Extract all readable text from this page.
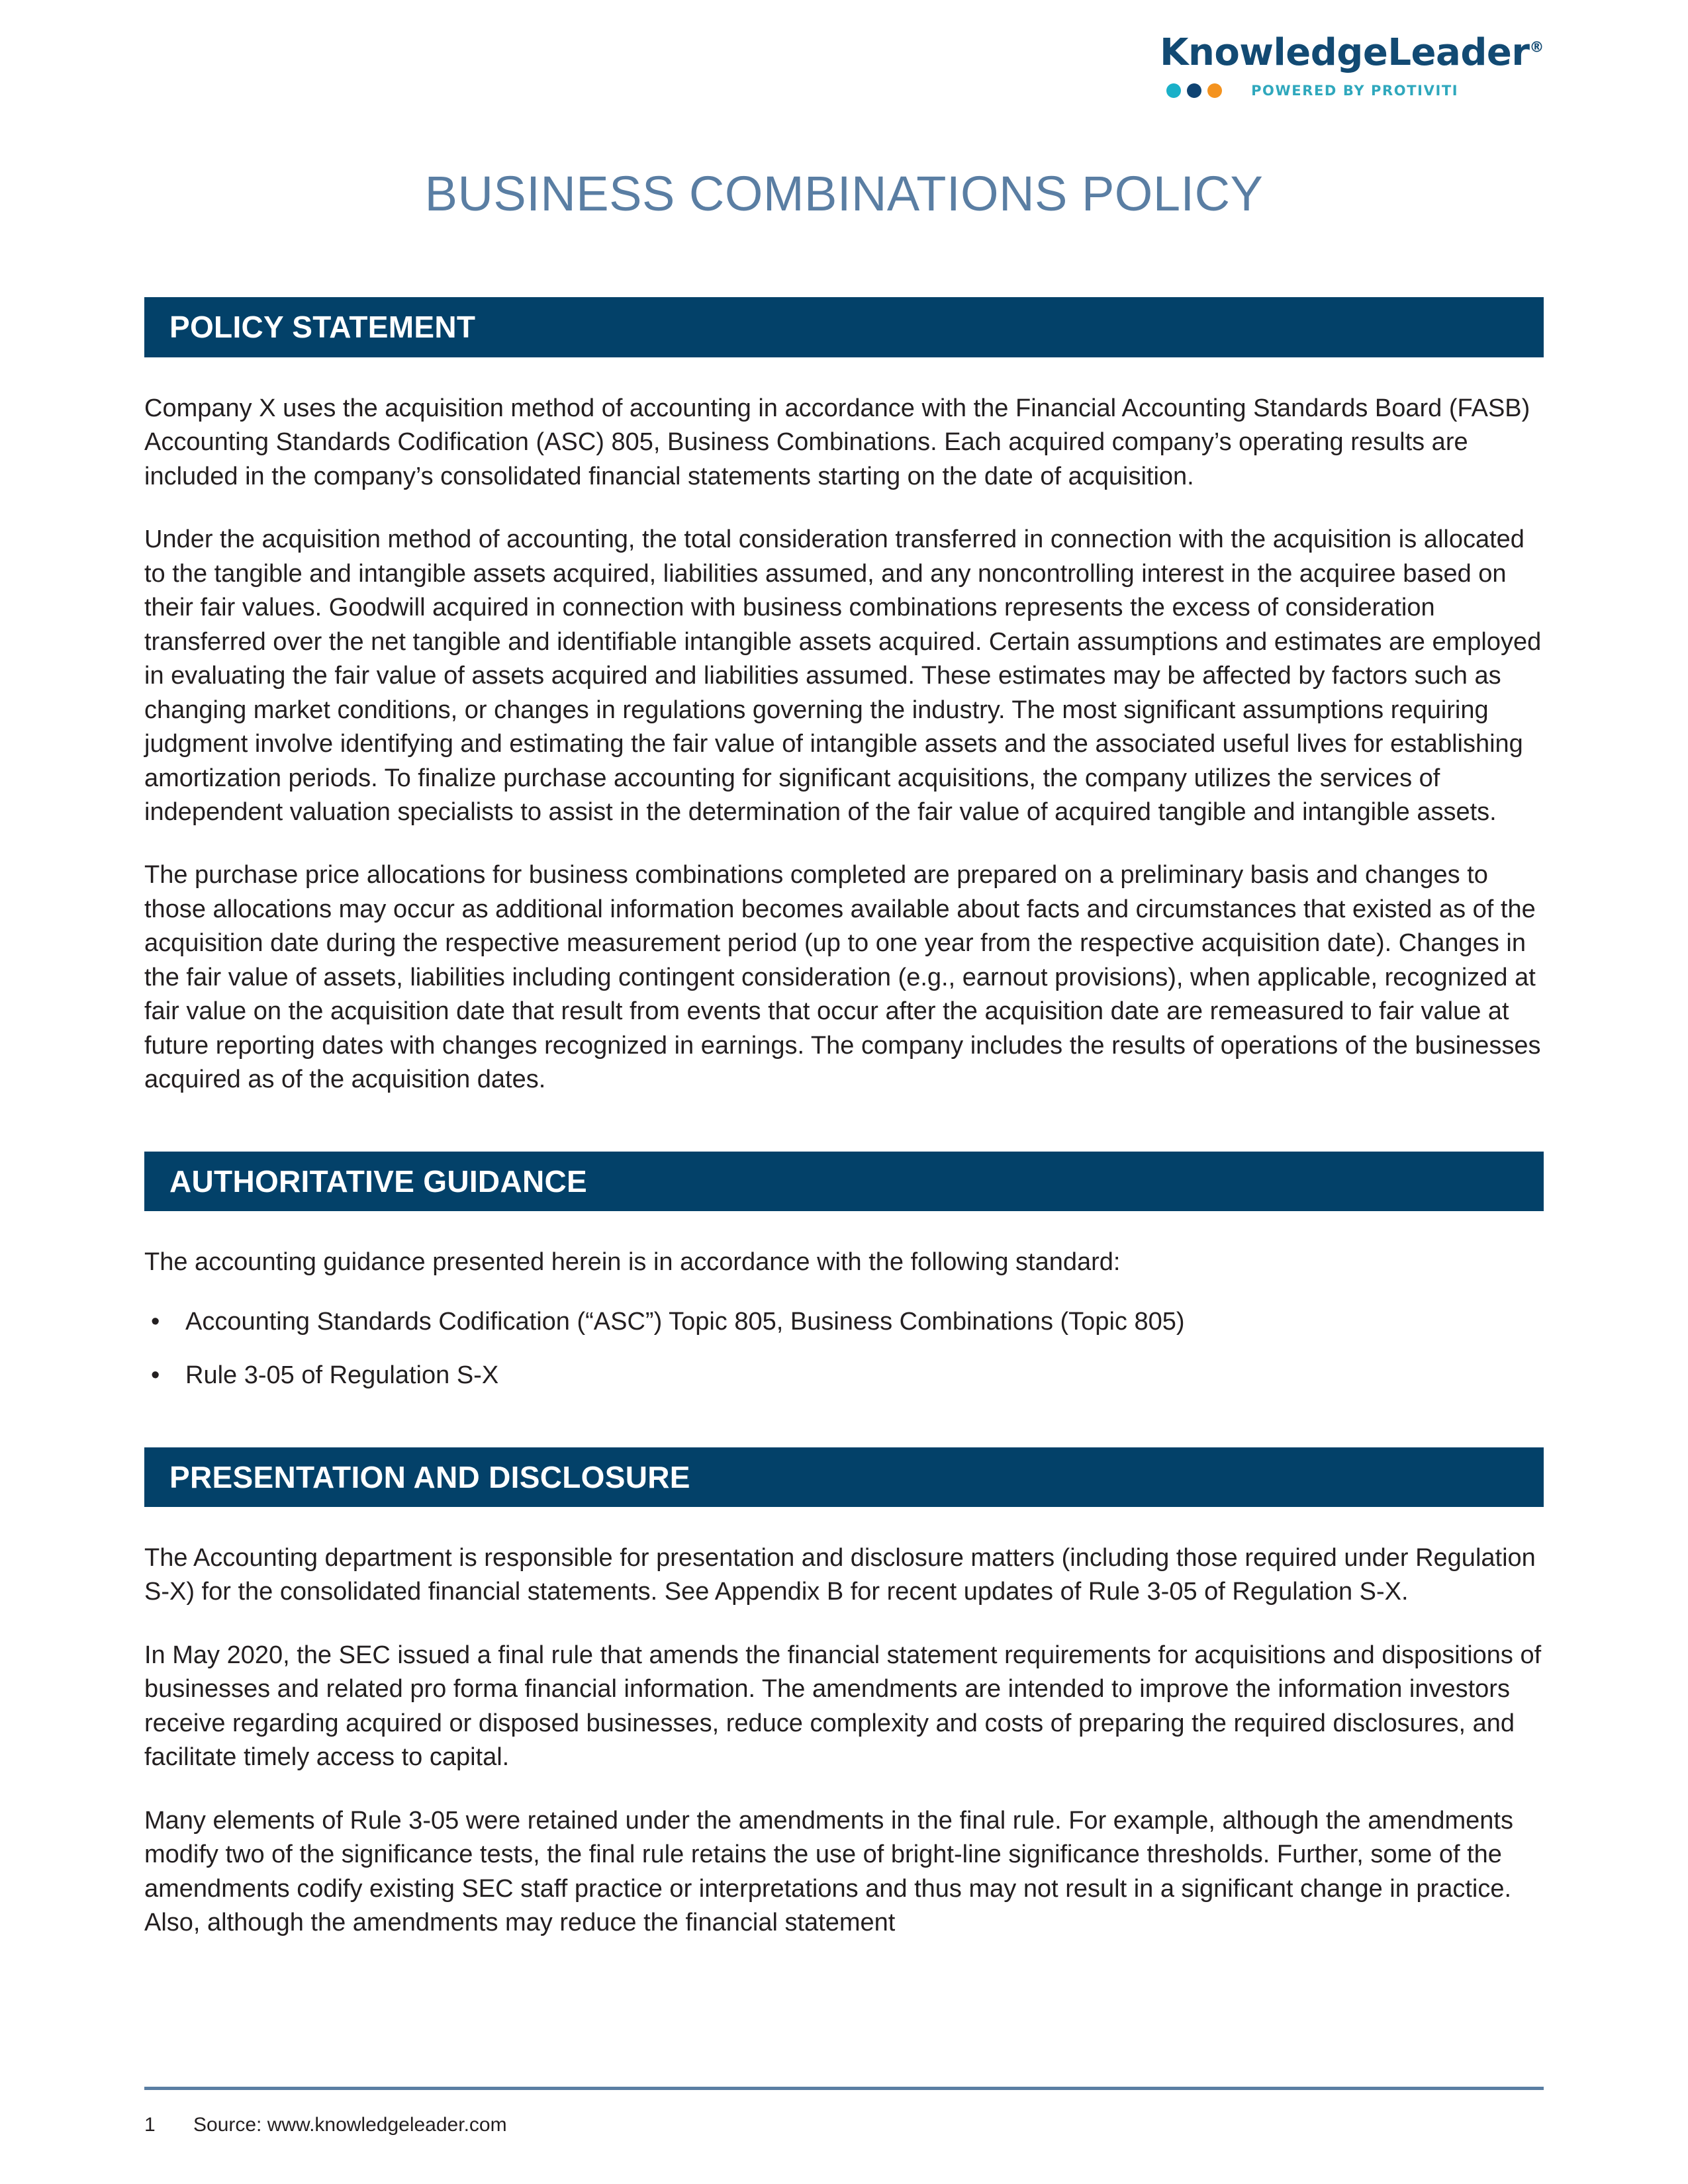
KnowledgeLeader®
POWERED BY PROTIVITI
BUSINESS COMBINATIONS POLICY
POLICY STATEMENT

Company X uses the acquisition method of accounting in accordance with the Financial Accounting Standards Board (FASB) Accounting Standards Codification (ASC) 805, Business Combinations. Each acquired company’s operating results are included in the company’s consolidated financial statements starting on the date of acquisition.

Under the acquisition method of accounting, the total consideration transferred in connection with the acquisition is allocated to the tangible and intangible assets acquired, liabilities assumed, and any noncontrolling interest in the acquiree based on their fair values. Goodwill acquired in connection with business combinations represents the excess of consideration transferred over the net tangible and identifiable intangible assets acquired. Certain assumptions and estimates are employed in evaluating the fair value of assets acquired and liabilities assumed. These estimates may be affected by factors such as changing market conditions, or changes in regulations governing the industry. The most significant assumptions requiring judgment involve identifying and estimating the fair value of intangible assets and the associated useful lives for establishing amortization periods. To finalize purchase accounting for significant acquisitions, the company utilizes the services of independent valuation specialists to assist in the determination of the fair value of acquired tangible and intangible assets.

The purchase price allocations for business combinations completed are prepared on a preliminary basis and changes to those allocations may occur as additional information becomes available about facts and circumstances that existed as of the acquisition date during the respective measurement period (up to one year from the respective acquisition date). Changes in the fair value of assets, liabilities including contingent consideration (e.g., earnout provisions), when applicable, recognized at fair value on the acquisition date that result from events that occur after the acquisition date are remeasured to fair value at future reporting dates with changes recognized in earnings. The company includes the results of operations of the businesses acquired as of the acquisition dates.

AUTHORITATIVE GUIDANCE

The accounting guidance presented herein is in accordance with the following standard:

•	Accounting Standards Codification (“ASC”) Topic 805, Business Combinations (Topic 805)
•	Rule 3-05 of Regulation S-X
PRESENTATION AND DISCLOSURE

The Accounting department is responsible for presentation and disclosure matters (including those required under Regulation S-X) for the consolidated financial statements. See Appendix B for recent updates of Rule 3-05 of Regulation S-X.

In May 2020, the SEC issued a final rule that amends the financial statement requirements for acquisitions and dispositions of businesses and related pro forma financial information. The amendments are intended to improve the information investors receive regarding acquired or disposed businesses, reduce complexity and costs of preparing the required disclosures, and facilitate timely access to capital.

Many elements of Rule 3-05 were retained under the amendments in the final rule. For example, although the amendments modify two of the significance tests, the final rule retains the use of bright-line significance thresholds. Further, some of the amendments codify existing SEC staff practice or interpretations and thus may not result in a significant change in practice. Also, although the amendments may reduce the financial statement

1	Source: www.knowledgeleader.com
